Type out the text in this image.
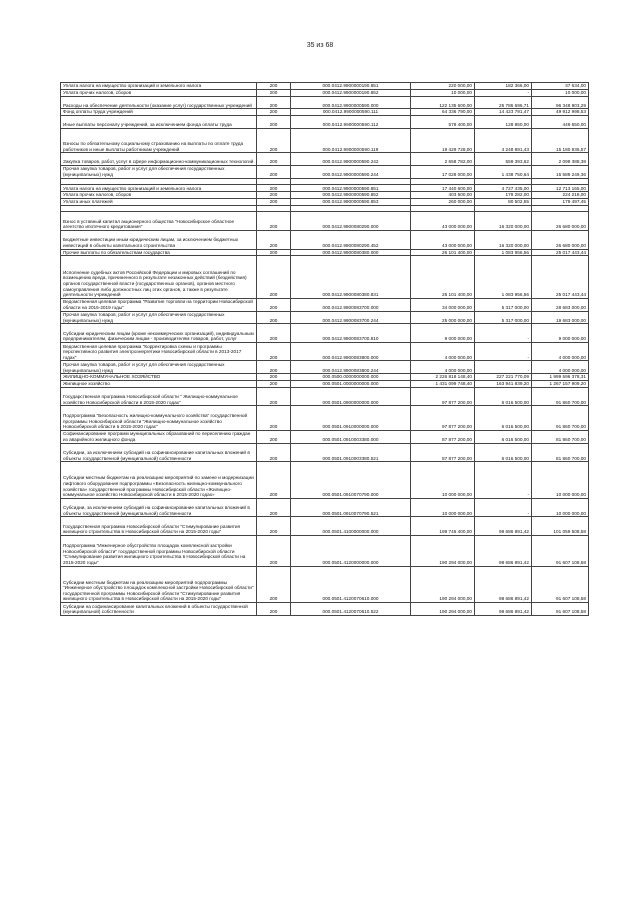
35 из 68
Уплата налога на имущество организаций и земельного налога	200	000.0412.9900000190.851	220 000,00	182 366,00	37 634,00
Уплата прочих налогов, сборов	200	000.0412.9900000190.852	10 000,00	-	10 000,00
Расходы на обеспечение деятельности (оказание услуг) государственных учреждений	200	000.0412.9900000590.000	122 135 600,00	25 786 696,71	96 348 903,29
Фонд оплаты труда учреждений	200	000.0412.9900000590.111	64 336 790,00	14 423 791,47	49 912 998,53
Иные выплаты персоналу учреждений, за исключением фонда оплаты труда	200	000.0412.9900000590.112	578 400,00	128 850,00	449 550,00
Взносы по обязательному социальному страхованию на выплаты по оплате труда работников и иные выплаты работникам учреждений	200	000.0412.9900000590.119	19 429 728,00	4 248 891,43	15 180 836,57
Закупка товаров, работ, услуг в сфере информационно-коммуникационных технологий	200	000.0412.9900000590.242	2 658 782,00	559 393,62	2 099 388,38
Прочая закупка товаров, работ и услуг для обеспечения государственных (муниципальных) нужд	200	000.0412.9900000590.244	17 028 000,00	1 438 750,64	15 589 249,36

Уплата налога на имущество организаций и земельного налога	200	000.0412.9900000590.851	17 440 600,00	4 727 435,00	12 713 165,00
Уплата прочих налогов, сборов	200	000.0412.9900000590.852	403 500,00	179 282,00	224 218,00
Уплата иных платежей	200	000.0412.9900000590.853	260 000,00	80 502,55	179 497,45

Взнос в уставный капитал акционерного общества "Новосибирское областное агентство ипотечного кредитования"	200	000.0412.9900080290.000	43 000 000,00	16 320 000,00	26 680 000,00
Бюджетные инвестиции иным юридическим лицам, за исключением бюджетных инвестиций в объекты капитального строительства	200	000.0412.9900080290.452	43 000 000,00	16 320 000,00	26 680 000,00
Прочие выплаты по обязательствам государства	200	000.0412.9900080380.000	26 101 400,00	1 083 956,56	25 017 443,44
Исполнение судебных актов Российской Федерации и мировых соглашений по возмещению вреда, причиненного в результате незаконных действий (бездействия) органов государственной власти (государственных органов), органов местного самоуправления либо должностных лиц этих органов, а также в результате деятельности учреждений	200	000.0412.9900080380.831	26 101 400,00	1 083 956,56	25 017 443,44
Ведомственная целевая программа "Развитие торговли на территории Новосибирской области на 2015-2019 годы"	200	000.0412.9900083700.000	34 000 000,00	5 317 000,00	28 683 000,00
Прочая закупка товаров, работ и услуг для обеспечения государственных (муниципальных) нужд	200	000.0412.9900083700.244	25 000 000,00	5 317 000,00	19 683 000,00
Субсидии юридическим лицам (кроме некоммерческих организаций), индивидуальным предпринимателям, физическим лицам - производителям товаров, работ, услуг	200	000.0412.9900083700.810	9 000 000,00	-	9 000 000,00
Ведомственная целевая программа "Корректировка схемы и программы перспективного развития электроэнергетики Новосибирской области в 2013-2017 годах"	200	000.0412.9900083800.000	4 000 000,00	-	4 000 000,00
Прочая закупка товаров, работ и услуг для обеспечения государственных (муниципальных) нужд	200	000.0412.9900083800.244	4 000 000,00	-	4 000 000,00
ЖИЛИЩНО-КОММУНАЛЬНОЕ ХОЗЯЙСТВО	200	000.0500.0000000000.000	2 226 818 148,40	227 221 770,09	1 999 596 378,31
Жилищное хозяйство	200	000.0501.0000000000.000	1 431 099 748,40	163 941 839,20	1 267 157 909,20
Государственная программа Новосибирской области " Жилищно-коммунальное хозяйство Новосибирской области в 2015-2020 годах"	200	000.0501.0900000000.000	97 877 200,00	6 016 500,00	91 860 700,00
Подпрограмма "Безопасность жилищно-коммунального хозяйства" государственной программы Новосибирской области "Жилищно-коммунальное хозяйство Новосибирской области в 2015-2020 годах"	200	000.0501.0910000000.000	97 877 200,00	6 016 500,00	91 860 700,00
Софинансирование программ муниципальных образований по переселению граждан из аварийного жилищного фонда	200	000.0501.0910003380.000	87 877 200,00	6 016 500,00	81 860 700,00
Субсидии, за исключением субсидий на софинансирование капитальных вложений в объекты государственной (муниципальной) собственности	200	000.0501.0910003380.521	87 877 200,00	6 016 500,00	81 860 700,00
Субсидии местным бюджетам на реализацию мероприятий по замене и модернизации лифтового оборудования подпрограммы «Безопасность жилищно-коммунального хозяйства» государственной программы Новосибирской области «Жилищно-коммунальное хозяйство Новосибирской области в 2015-2020 годах»	200	000.0501.0910070790.000	10 000 000,00	-	10 000 000,00
Субсидии, за исключением субсидий на софинансирование капитальных вложений в объекты государственной (муниципальной) собственности	200	000.0501.0910070790.521	10 000 000,00	-	10 000 000,00
Государственная программа Новосибирской области "Стимулирование развития жилищного строительства в Новосибирской области на 2015-2020 годы"	200	000.0501.4100000000.000	199 746 400,00	98 686 891,42	101 059 508,58
Подпрограмма "Инженерное обустройство площадок комплексной застройки Новосибирской области" государственной программы Новосибирской области "Стимулирование развития жилищного строительства в Новосибирской области на 2015-2020 годы"	200	000.0501.4120000000.000	190 294 000,00	98 686 891,42	91 607 108,58
Субсидии местным бюджетам на реализацию мероприятий подпрограммы "Инженерное обустройство площадок комплексной застройки Новосибирской области" государственной программы Новосибирской области "Стимулирование развития жилищного строительства в Новосибирской области на 2015-2020 годы"	200	000.0501.4120070610.000	190 294 000,00	98 686 891,42	91 607 108,58
Субсидии на софинансирование капитальных вложений в объекты государственной (муниципальной) собственности	200	000.0501.4120070610.522	190 294 000,00	98 686 891,42	91 607 108,58
